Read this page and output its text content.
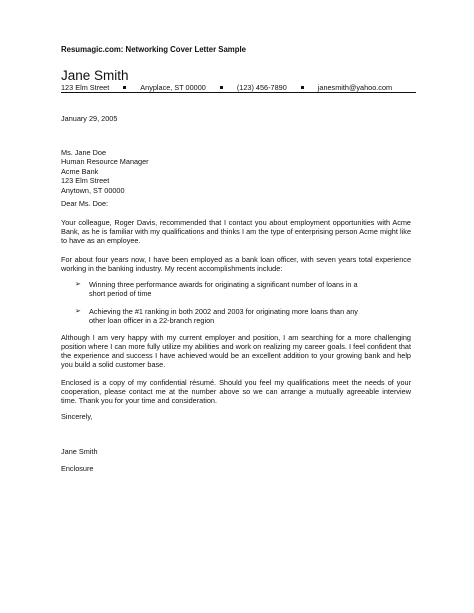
Resumagic.com: Networking Cover Letter Sample
Jane Smith
123 Elm Street	Anyplace, ST 00000	(123) 456-7890	janesmith@yahoo.com
January 29, 2005
Ms. Jane Doe
Human Resource Manager
Acme Bank
123 Elm Street
Anytown, ST 00000
Dear Ms. Doe:
Your colleague, Roger Davis, recommended that I contact you about employment opportunities with Acme Bank, as he is familiar with my qualifications and thinks I am the type of enterprising person Acme might like to have as an employee.
For about four years now, I have been employed as a bank loan officer, with seven years total experience working in the banking industry. My recent accomplishments include:
➢ Winning three performance awards for originating a significant number of loans in a short period of time
➢ Achieving the #1 ranking in both 2002 and 2003 for originating more loans than any other loan officer in a 22-branch region
Although I am very happy with my current employer and position, I am searching for a more challenging position where I can more fully utilize my abilities and work on realizing my career goals. I feel confident that the experience and success I have achieved would be an excellent addition to your growing bank and help you build a solid customer base.
Enclosed is a copy of my confidential résumé. Should you feel my qualifications meet the needs of your cooperation, please contact me at the number above so we can arrange a mutually agreeable interview time. Thank you for your time and consideration.
Sincerely,
Jane Smith
Enclosure
